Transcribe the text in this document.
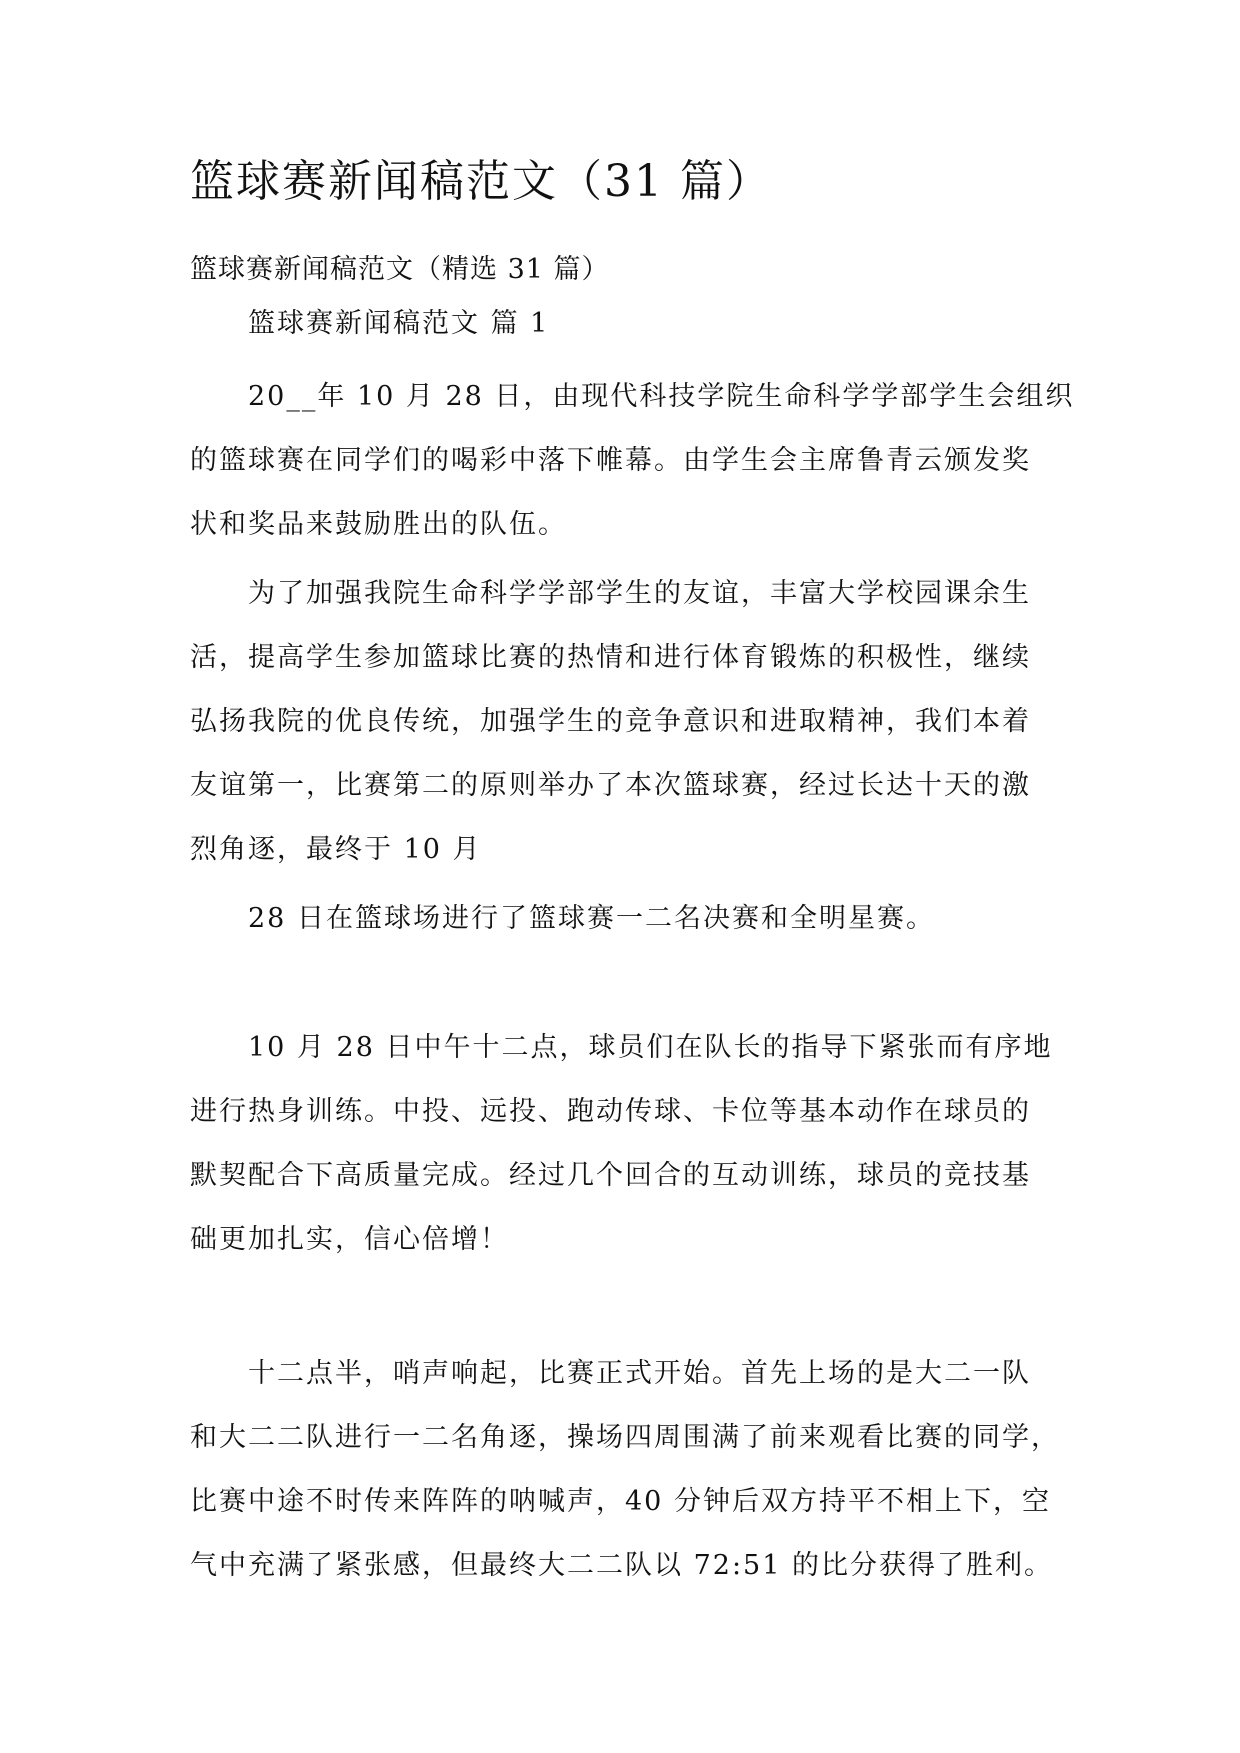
篮球赛新闻稿范文（31 篇）
篮球赛新闻稿范文（精选 31 篇）
篮球赛新闻稿范文 篇 1
20__年 10 月 28 日，由现代科技学院生命科学学部学生会组织
的篮球赛在同学们的喝彩中落下帷幕。由学生会主席鲁青云颁发奖
状和奖品来鼓励胜出的队伍。
为了加强我院生命科学学部学生的友谊，丰富大学校园课余生
活，提高学生参加篮球比赛的热情和进行体育锻炼的积极性，继续
弘扬我院的优良传统，加强学生的竞争意识和进取精神，我们本着
友谊第一，比赛第二的原则举办了本次篮球赛，经过长达十天的激
烈角逐，最终于 10 月
28 日在篮球场进行了篮球赛一二名决赛和全明星赛。
10 月 28 日中午十二点，球员们在队长的指导下紧张而有序地
进行热身训练。中投、远投、跑动传球、卡位等基本动作在球员的
默契配合下高质量完成。经过几个回合的互动训练，球员的竞技基
础更加扎实，信心倍增！
十二点半，哨声响起，比赛正式开始。首先上场的是大二一队
和大二二队进行一二名角逐，操场四周围满了前来观看比赛的同学，
比赛中途不时传来阵阵的呐喊声，40 分钟后双方持平不相上下，空
气中充满了紧张感，但最终大二二队以 72:51 的比分获得了胜利。
